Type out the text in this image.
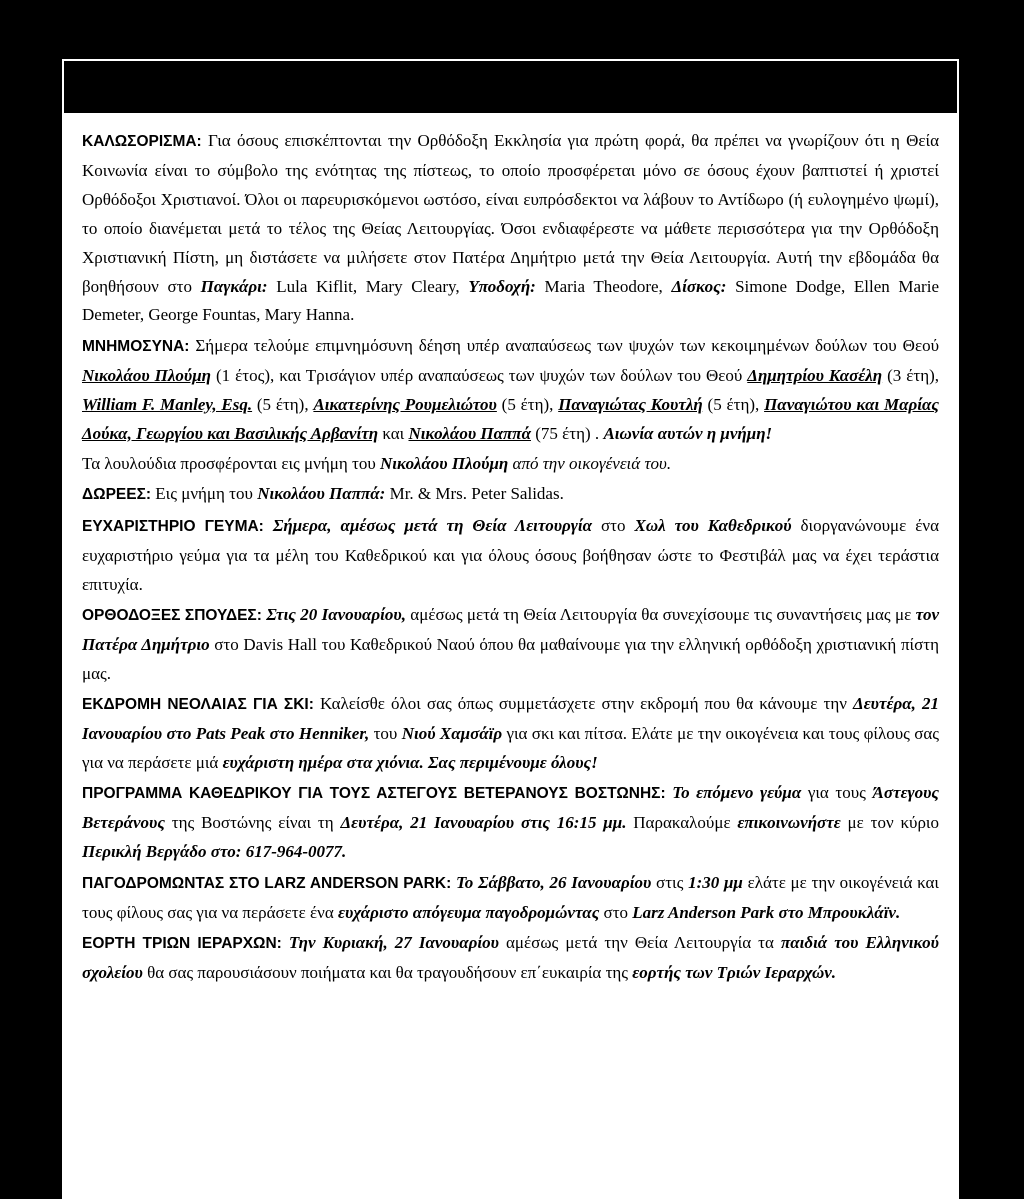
ΚΑΛΩΣΟΡΙΣΜΑ: Για όσους επισκέπτονται την Ορθόδοξη Εκκλησία για πρώτη φορά, θα πρέπει να γνωρίζουν ότι η Θεία Κοινωνία είναι το σύμβολο της ενότητας της πίστεως, το οποίο προσφέρεται μόνο σε όσους έχουν βαπτιστεί ή χριστεί Ορθόδοξοι Χριστιανοί. Όλοι οι παρευρισκόμενοι ωστόσο, είναι ευπρόσδεκτοι να λάβουν το Αντίδωρο (ή ευλογημένο ψωμί), το οποίο διανέμεται μετά το τέλος της Θείας Λειτουργίας. Όσοι ενδιαφέρεστε να μάθετε περισσότερα για την Ορθόδοξη Χριστιανική Πίστη, μη διστάσετε να μιλήσετε στον Πατέρα Δημήτριο μετά την Θεία Λειτουργία. Αυτή την εβδομάδα θα βοηθήσουν στο Παγκάρι: Lula Kiflit, Mary Cleary, Υποδοχή: Maria Theodore, Δίσκος: Simone Dodge, Ellen Marie Demeter, George Fountas, Mary Hanna.

ΜΝΗΜΟΣΥΝΑ: Σήμερα τελούμε επιμνημόσυνη δέηση υπέρ αναπαύσεως των ψυχών των κεκοιμημένων δούλων του Θεού Νικολάου Πλούμη (1 έτος), και Τρισάγιον υπέρ αναπαύσεως των ψυχών των δούλων του Θεού Δημητρίου Κασέλη (3 έτη), William F. Manley, Esq. (5 έτη), Αικατερίνης Ρουμελιώτου (5 έτη), Παναγιώτας Κουτλή (5 έτη), Παναγιώτου και Μαρίας Δούκα, Γεωργίου και Βασιλικής Αρβανίτη και Νικολάου Παππά (75 έτη) . Αιωνία αυτών η μνήμη!

Τα λουλούδια προσφέρονται εις μνήμη του Νικολάου Πλούμη από την οικογένειά του.

ΔΩΡΕΕΣ: Εις μνήμη του Νικολάου Παππά: Mr. & Mrs. Peter Salidas.

ΕΥΧΑΡΙΣΤΗΡΙΟ ΓΕΥΜΑ: Σήμερα, αμέσως μετά τη Θεία Λειτουργία στο Χωλ του Καθεδρικού διοργανώνουμε ένα ευχαριστήριο γεύμα για τα μέλη του Καθεδρικού και για όλους όσους βοήθησαν ώστε το Φεστιβάλ μας να έχει τεράστια επιτυχία.

ΟΡΘΟΔΟΞΕΣ ΣΠΟΥΔΕΣ: Στις 20 Ιανουαρίου, αμέσως μετά τη Θεία Λειτουργία θα συνεχίσουμε τις συναντήσεις μας με τον Πατέρα Δημήτριο στο Davis Hall του Καθεδρικού Ναού όπου θα μαθαίνουμε για την ελληνική ορθόδοξη χριστιανική πίστη μας.

ΕΚΔΡΟΜΗ ΝΕΟΛΑΙΑΣ ΓΙΑ ΣΚΙ: Καλείσθε όλοι σας όπως συμμετάσχετε στην εκδρομή που θα κάνουμε την Δευτέρα, 21 Ιανουαρίου στο Pats Peak στο Henniker, του Νιού Χαμσάϊρ για σκι και πίτσα. Ελάτε με την οικογένεια και τους φίλους σας για να περάσετε μιά ευχάριστη ημέρα στα χιόνια. Σας περιμένουμε όλους!

ΠΡΟΓΡΑΜΜΑ ΚΑΘΕΔΡΙΚΟΥ ΓΙΑ ΤΟΥΣ ΑΣΤΕΓΟΥΣ ΒΕΤΕΡΑΝΟΥΣ ΒΟΣΤΩΝΗΣ: Το επόμενο γεύμα για τους Άστεγους Βετεράνους της Βοστώνης είναι τη Δευτέρα, 21 Ιανουαρίου στις 16:15 μμ. Παρακαλούμε επικοινωνήστε με τον κύριο Περικλή Βεργάδο στο: 617-964-0077.

ΠΑΓΟΔΡΟΜΩΝΤΑΣ ΣΤΟ LARZ ANDERSON PARK: Το Σάββατο, 26 Ιανουαρίου στις 1:30 μμ ελάτε με την οικογένειά και τους φίλους σας για να περάσετε ένα ευχάριστο απόγευμα παγοδρομώντας στο Larz Anderson Park στο Μπρουκλάϊν.

ΕΟΡΤΗ ΤΡΙΩΝ ΙΕΡΑΡΧΩΝ: Την Κυριακή, 27 Ιανουαρίου αμέσως μετά την Θεία Λειτουργία τα παιδιά του Ελληνικού σχολείου θα σας παρουσιάσουν ποιήματα και θα τραγουδήσουν επ΄ευκαιρία της εορτής των Τριών Ιεραρχών.
